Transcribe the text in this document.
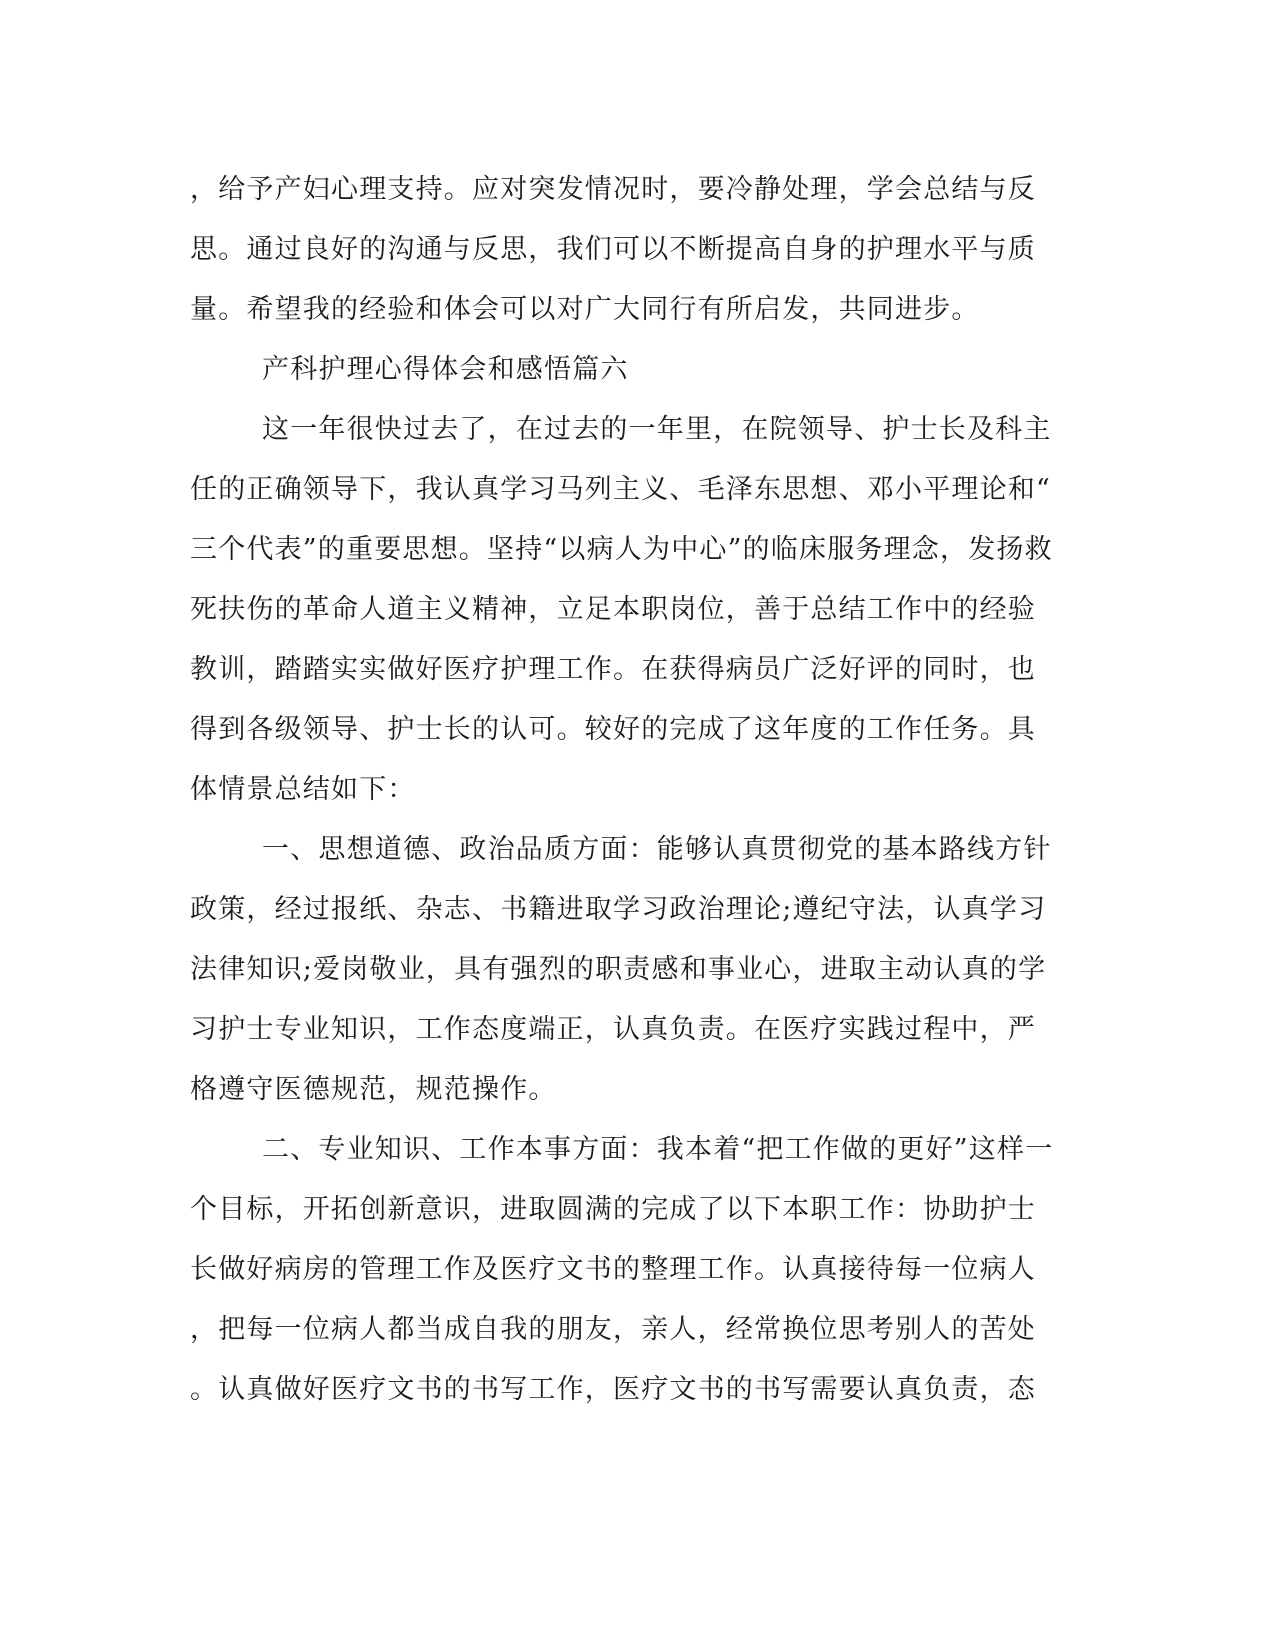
，给予产妇心理支持。应对突发情况时，要冷静处理，学会总结与反
思。通过良好的沟通与反思，我们可以不断提高自身的护理水平与质
量。希望我的经验和体会可以对广大同行有所启发，共同进步。
产科护理心得体会和感悟篇六
这一年很快过去了，在过去的一年里，在院领导、护士长及科主
任的正确领导下，我认真学习马列主义、毛泽东思想、邓小平理论和“
三个代表”的重要思想。坚持“以病人为中心”的临床服务理念，发扬救
死扶伤的革命人道主义精神，立足本职岗位，善于总结工作中的经验
教训，踏踏实实做好医疗护理工作。在获得病员广泛好评的同时，也
得到各级领导、护士长的认可。较好的完成了这年度的工作任务。具
体情景总结如下：
一、思想道德、政治品质方面：能够认真贯彻党的基本路线方针
政策，经过报纸、杂志、书籍进取学习政治理论;遵纪守法，认真学习
法律知识;爱岗敬业，具有强烈的职责感和事业心，进取主动认真的学
习护士专业知识，工作态度端正，认真负责。在医疗实践过程中，严
格遵守医德规范，规范操作。
二、专业知识、工作本事方面：我本着“把工作做的更好”这样一
个目标，开拓创新意识，进取圆满的完成了以下本职工作：协助护士
长做好病房的管理工作及医疗文书的整理工作。认真接待每一位病人
，把每一位病人都当成自我的朋友，亲人，经常换位思考别人的苦处
。认真做好医疗文书的书写工作，医疗文书的书写需要认真负责，态
